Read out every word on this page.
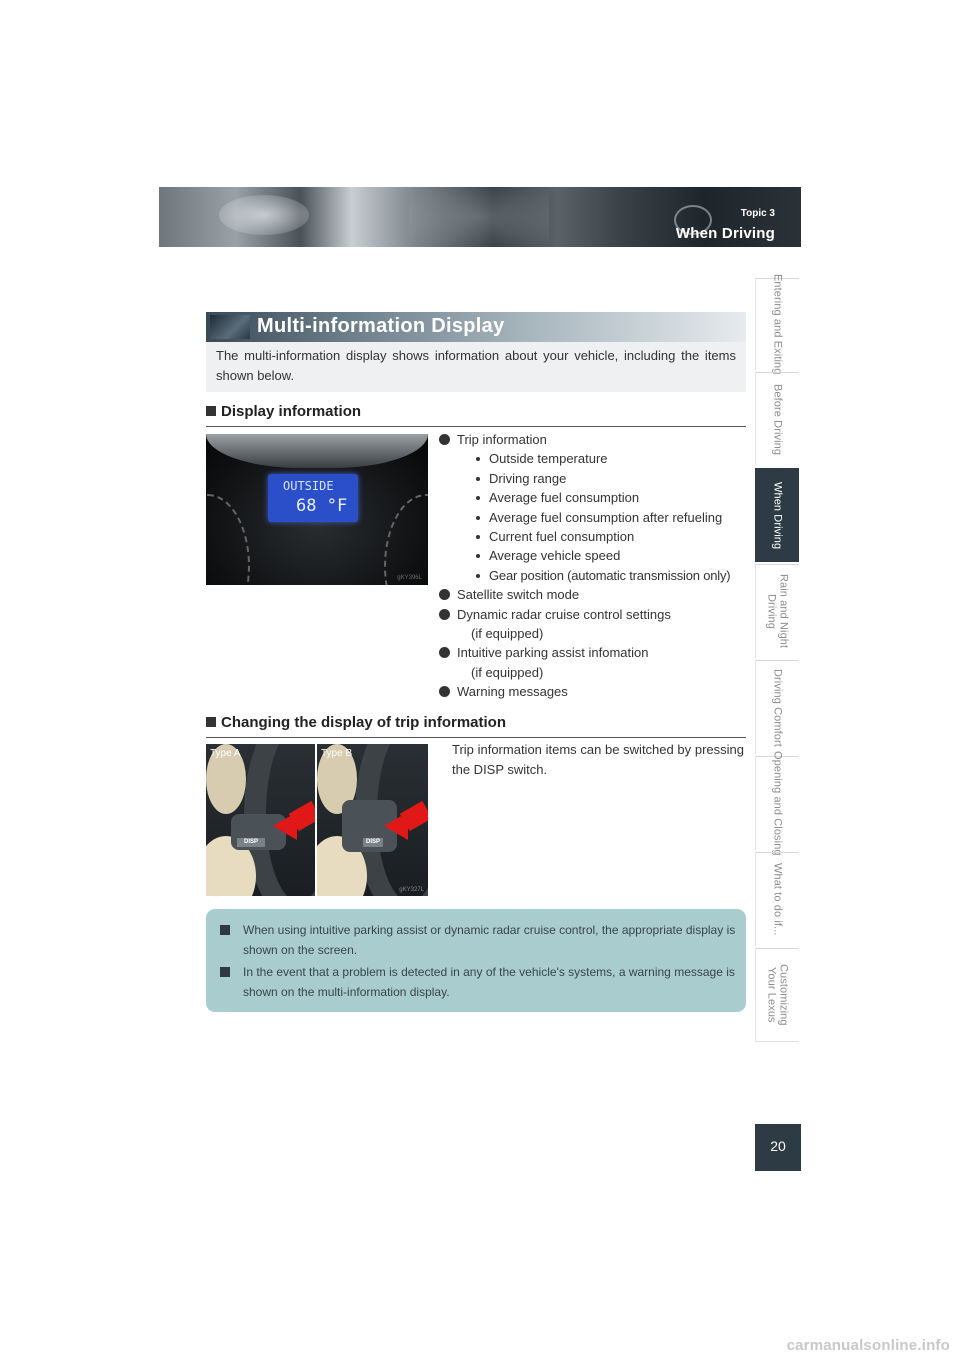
Topic 3
When Driving
Entering and Exiting
Before Driving
When Driving
Rain and Night Driving
Driving Comfort
Opening and Closing
What to do if...
Customizing Your Lexus
Multi-information Display
The multi-information display shows information about your vehicle, including the items shown below.
Display information
OUTSIDE
68 °F
gKY396L
Trip information
Outside temperature
Driving range
Average fuel consumption
Average fuel consumption after refueling
Current fuel consumption
Average vehicle speed
Gear position (automatic transmission only)
Satellite switch mode
Dynamic radar cruise control settings
(if equipped)
Intuitive parking assist infomation
(if equipped)
Warning messages
Changing the display of trip information
DISP
Type A
DISP
Type B
gKY327L
Trip information items can be switched by pressing the DISP switch.
When using intuitive parking assist or dynamic radar cruise control, the appropriate display is shown on the screen.
In the event that a problem is detected in any of the vehicle's systems, a warning message is shown on the multi-information display.
20
carmanualsonline.info
